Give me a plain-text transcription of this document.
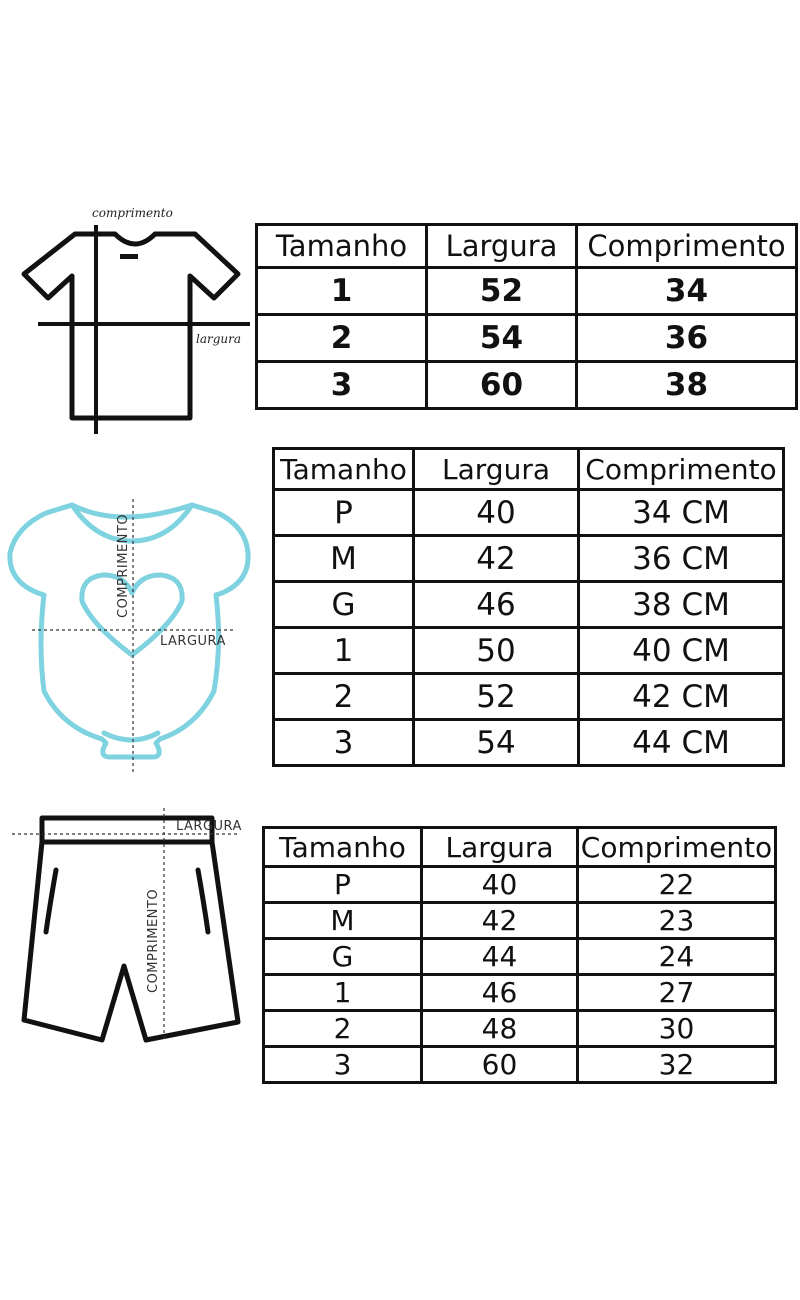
comprimento
largura
Tamanho	Largura	Comprimento
1	52	34
2	54	36
3	60	38
COMPRIMENTO
LARGURA
Tamanho	Largura	Comprimento
P	40	34 CM
M	42	36 CM
G	46	38 CM
1	50	40 CM
2	52	42 CM
3	54	44 CM
COMPRIMENTO
LARGURA
Tamanho	Largura	Comprimento
P	40	22
M	42	23
G	44	24
1	46	27
2	48	30
3	60	32
